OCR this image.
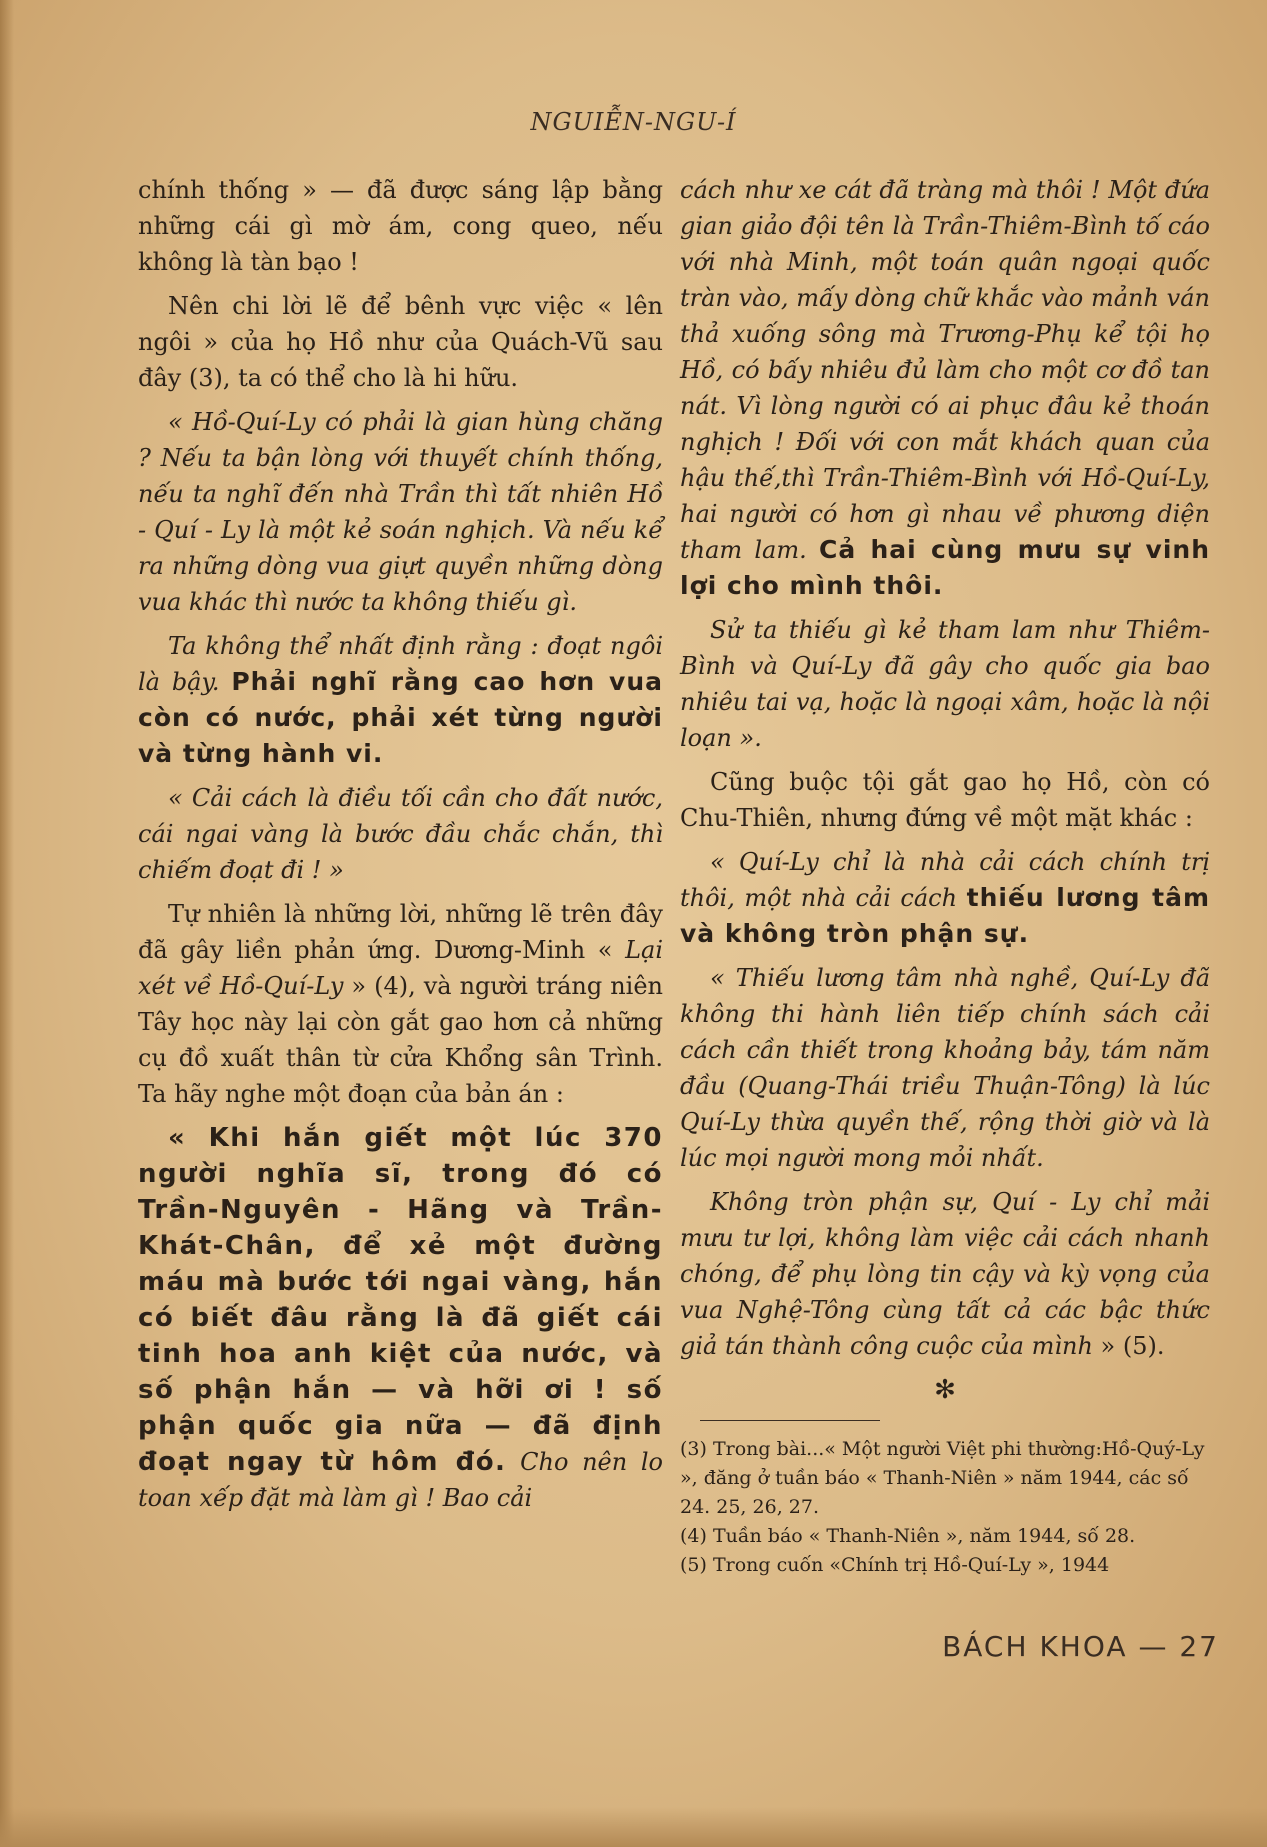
NGUIỄN-NGU-Í

chính thống » — đã được sáng lập bằng những cái gì mờ ám, cong queo, nếu không là tàn bạo !

Nên chi lời lẽ để bênh vực việc « lên ngôi » của họ Hồ như của Quách-Vũ sau đây (3), ta có thể cho là hi hữu.

« Hồ-Quí-Ly có phải là gian hùng chăng ? Nếu ta bận lòng với thuyết chính thống, nếu ta nghĩ đến nhà Trần thì tất nhiên Hồ - Quí - Ly là một kẻ soán nghịch. Và nếu kể ra những dòng vua giựt quyền những dòng vua khác thì nước ta không thiếu gì.

Ta không thể nhất định rằng : đoạt ngôi là bậy. Phải nghĩ rằng cao hơn vua còn có nước, phải xét từng người và từng hành vi.

« Cải cách là điều tối cần cho đất nước, cái ngai vàng là bước đầu chắc chắn, thì chiếm đoạt đi ! »

Tự nhiên là những lời, những lẽ trên đây đã gây liền phản ứng. Dương-Minh « Lại xét về Hồ-Quí-Ly » (4), và người tráng niên Tây học này lại còn gắt gao hơn cả những cụ đồ xuất thân từ cửa Khổng sân Trình. Ta hãy nghe một đoạn của bản án :

« Khi hắn giết một lúc 370 người nghĩa sĩ, trong đó có Trần-Nguyên - Hãng và Trần-Khát-Chân, để xẻ một đường máu mà bước tới ngai vàng, hắn có biết đâu rằng là đã giết cái tinh hoa anh kiệt của nước, và số phận hắn — và hỡi ơi ! số phận quốc gia nữa — đã định đoạt ngay từ hôm đó. Cho nên lo toan xếp đặt mà làm gì ! Bao cải

cách như xe cát đã tràng mà thôi ! Một đứa gian giảo đội tên là Trần-Thiêm-Bình tố cáo với nhà Minh, một toán quân ngoại quốc tràn vào, mấy dòng chữ khắc vào mảnh ván thả xuống sông mà Trương-Phụ kể tội họ Hồ, có bấy nhiêu đủ làm cho một cơ đồ tan nát. Vì lòng người có ai phục đâu kẻ thoán nghịch ! Đối với con mắt khách quan của hậu thế,thì Trần-Thiêm-Bình với Hồ-Quí-Ly, hai người có hơn gì nhau về phương diện tham lam. Cả hai cùng mưu sự vinh lợi cho mình thôi.

Sử ta thiếu gì kẻ tham lam như Thiêm-Bình và Quí-Ly đã gây cho quốc gia bao nhiêu tai vạ, hoặc là ngoại xâm, hoặc là nội loạn ».

Cũng buộc tội gắt gao họ Hồ, còn có Chu-Thiên, nhưng đứng về một mặt khác :

« Quí-Ly chỉ là nhà cải cách chính trị thôi, một nhà cải cách thiếu lương tâm và không tròn phận sự.

« Thiếu lương tâm nhà nghề, Quí-Ly đã không thi hành liên tiếp chính sách cải cách cần thiết trong khoảng bảy, tám năm đầu (Quang-Thái triều Thuận-Tông) là lúc Quí-Ly thừa quyền thế, rộng thời giờ và là lúc mọi người mong mỏi nhất.

Không tròn phận sự, Quí - Ly chỉ mải mưu tư lợi, không làm việc cải cách nhanh chóng, để phụ lòng tin cậy và kỳ vọng của vua Nghệ-Tông cùng tất cả các bậc thức giả tán thành công cuộc của mình » (5).

✻

(3) Trong bài...« Một người Việt phi thường:Hồ-Quý-Ly », đăng ở tuần báo « Thanh-Niên » năm 1944, các số 24. 25, 26, 27.

(4) Tuần báo « Thanh-Niên », năm 1944, số 28.

(5) Trong cuốn «Chính trị Hồ-Quí-Ly », 1944

BÁCH KHOA — 27
